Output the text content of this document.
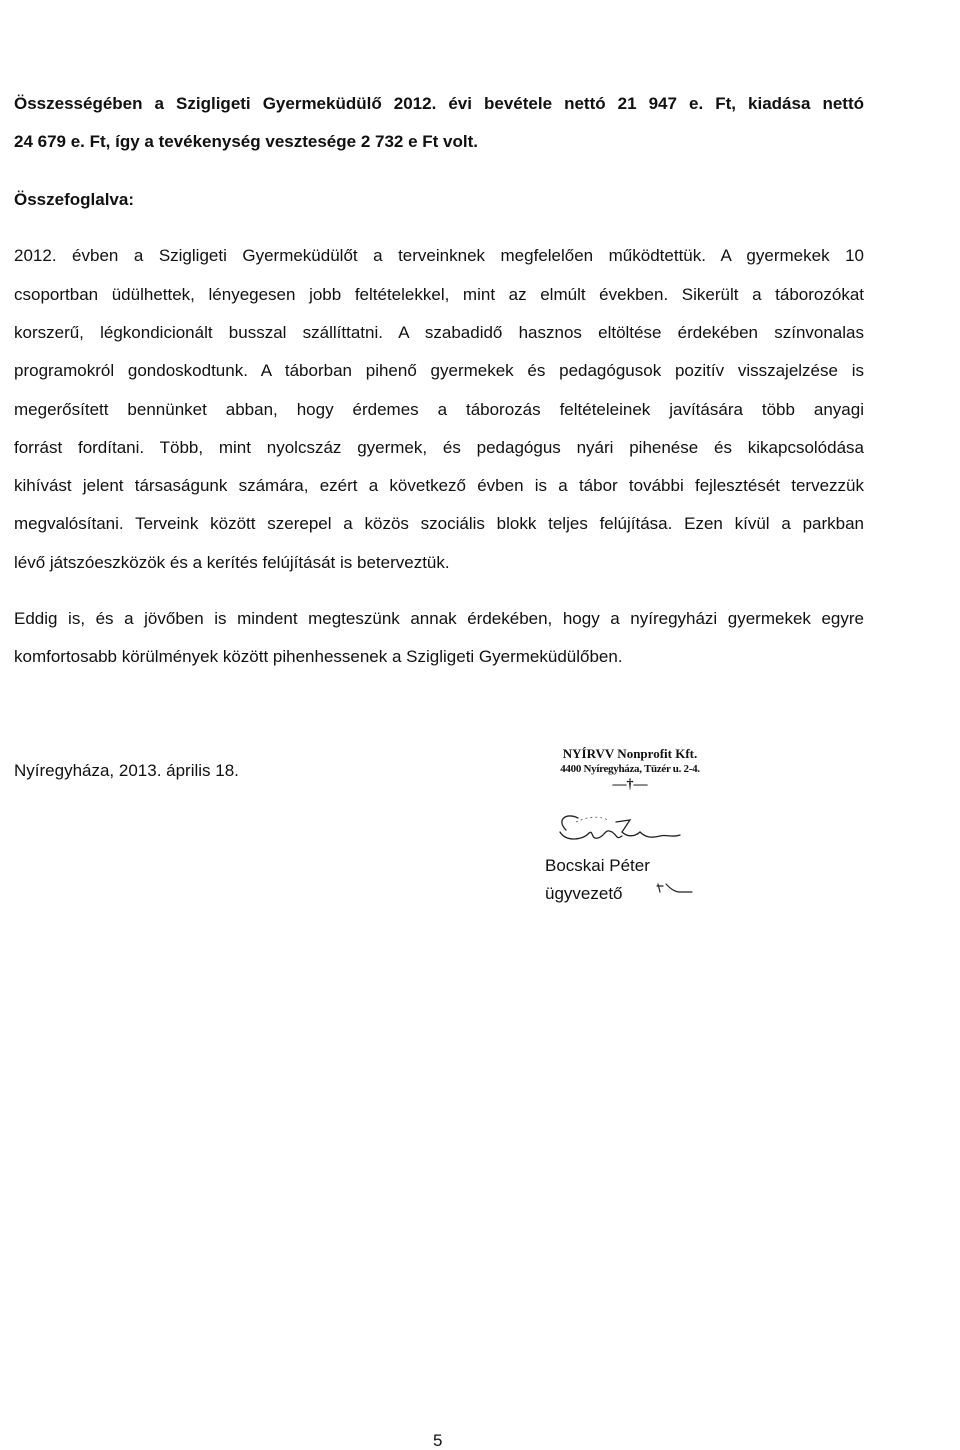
Összességében a Szigligeti Gyermeküdülő 2012. évi bevétele nettó 21 947 e. Ft, kiadása nettó
24 679 e. Ft, így a tevékenység vesztesége 2 732 e Ft volt.
Összefoglalva:
2012. évben a Szigligeti Gyermeküdülőt a terveinknek megfelelően működtettük. A gyermekek 10
csoportban üdülhettek, lényegesen jobb feltételekkel, mint az elmúlt években. Sikerült a táborozókat
korszerű, légkondicionált busszal szállíttatni. A szabadidő hasznos eltöltése érdekében színvonalas
programokról gondoskodtunk. A táborban pihenő gyermekek és pedagógusok pozitív visszajelzése is
megerősített bennünket abban, hogy érdemes a táborozás feltételeinek javítására több anyagi
forrást fordítani. Több, mint nyolcszáz gyermek, és pedagógus nyári pihenése és kikapcsolódása
kihívást jelent társaságunk számára, ezért a következő évben is a tábor további fejlesztését tervezzük
megvalósítani. Terveink között szerepel a közös szociális blokk teljes felújítása. Ezen kívül a parkban
lévő játszóeszközök és a kerítés felújítását is beterveztük.
Eddig is, és a jövőben is mindent megteszünk annak érdekében, hogy a nyíregyházi gyermekek egyre
komfortosabb körülmények között pihenhessenek a Szigligeti Gyermeküdülőben.
Nyíregyháza, 2013. április 18.
NYÍRVV Nonprofit Kft.
4400 Nyíregyháza, Tüzér u. 2-4.
—†—
Bocskai Péter
ügyvezető
5
